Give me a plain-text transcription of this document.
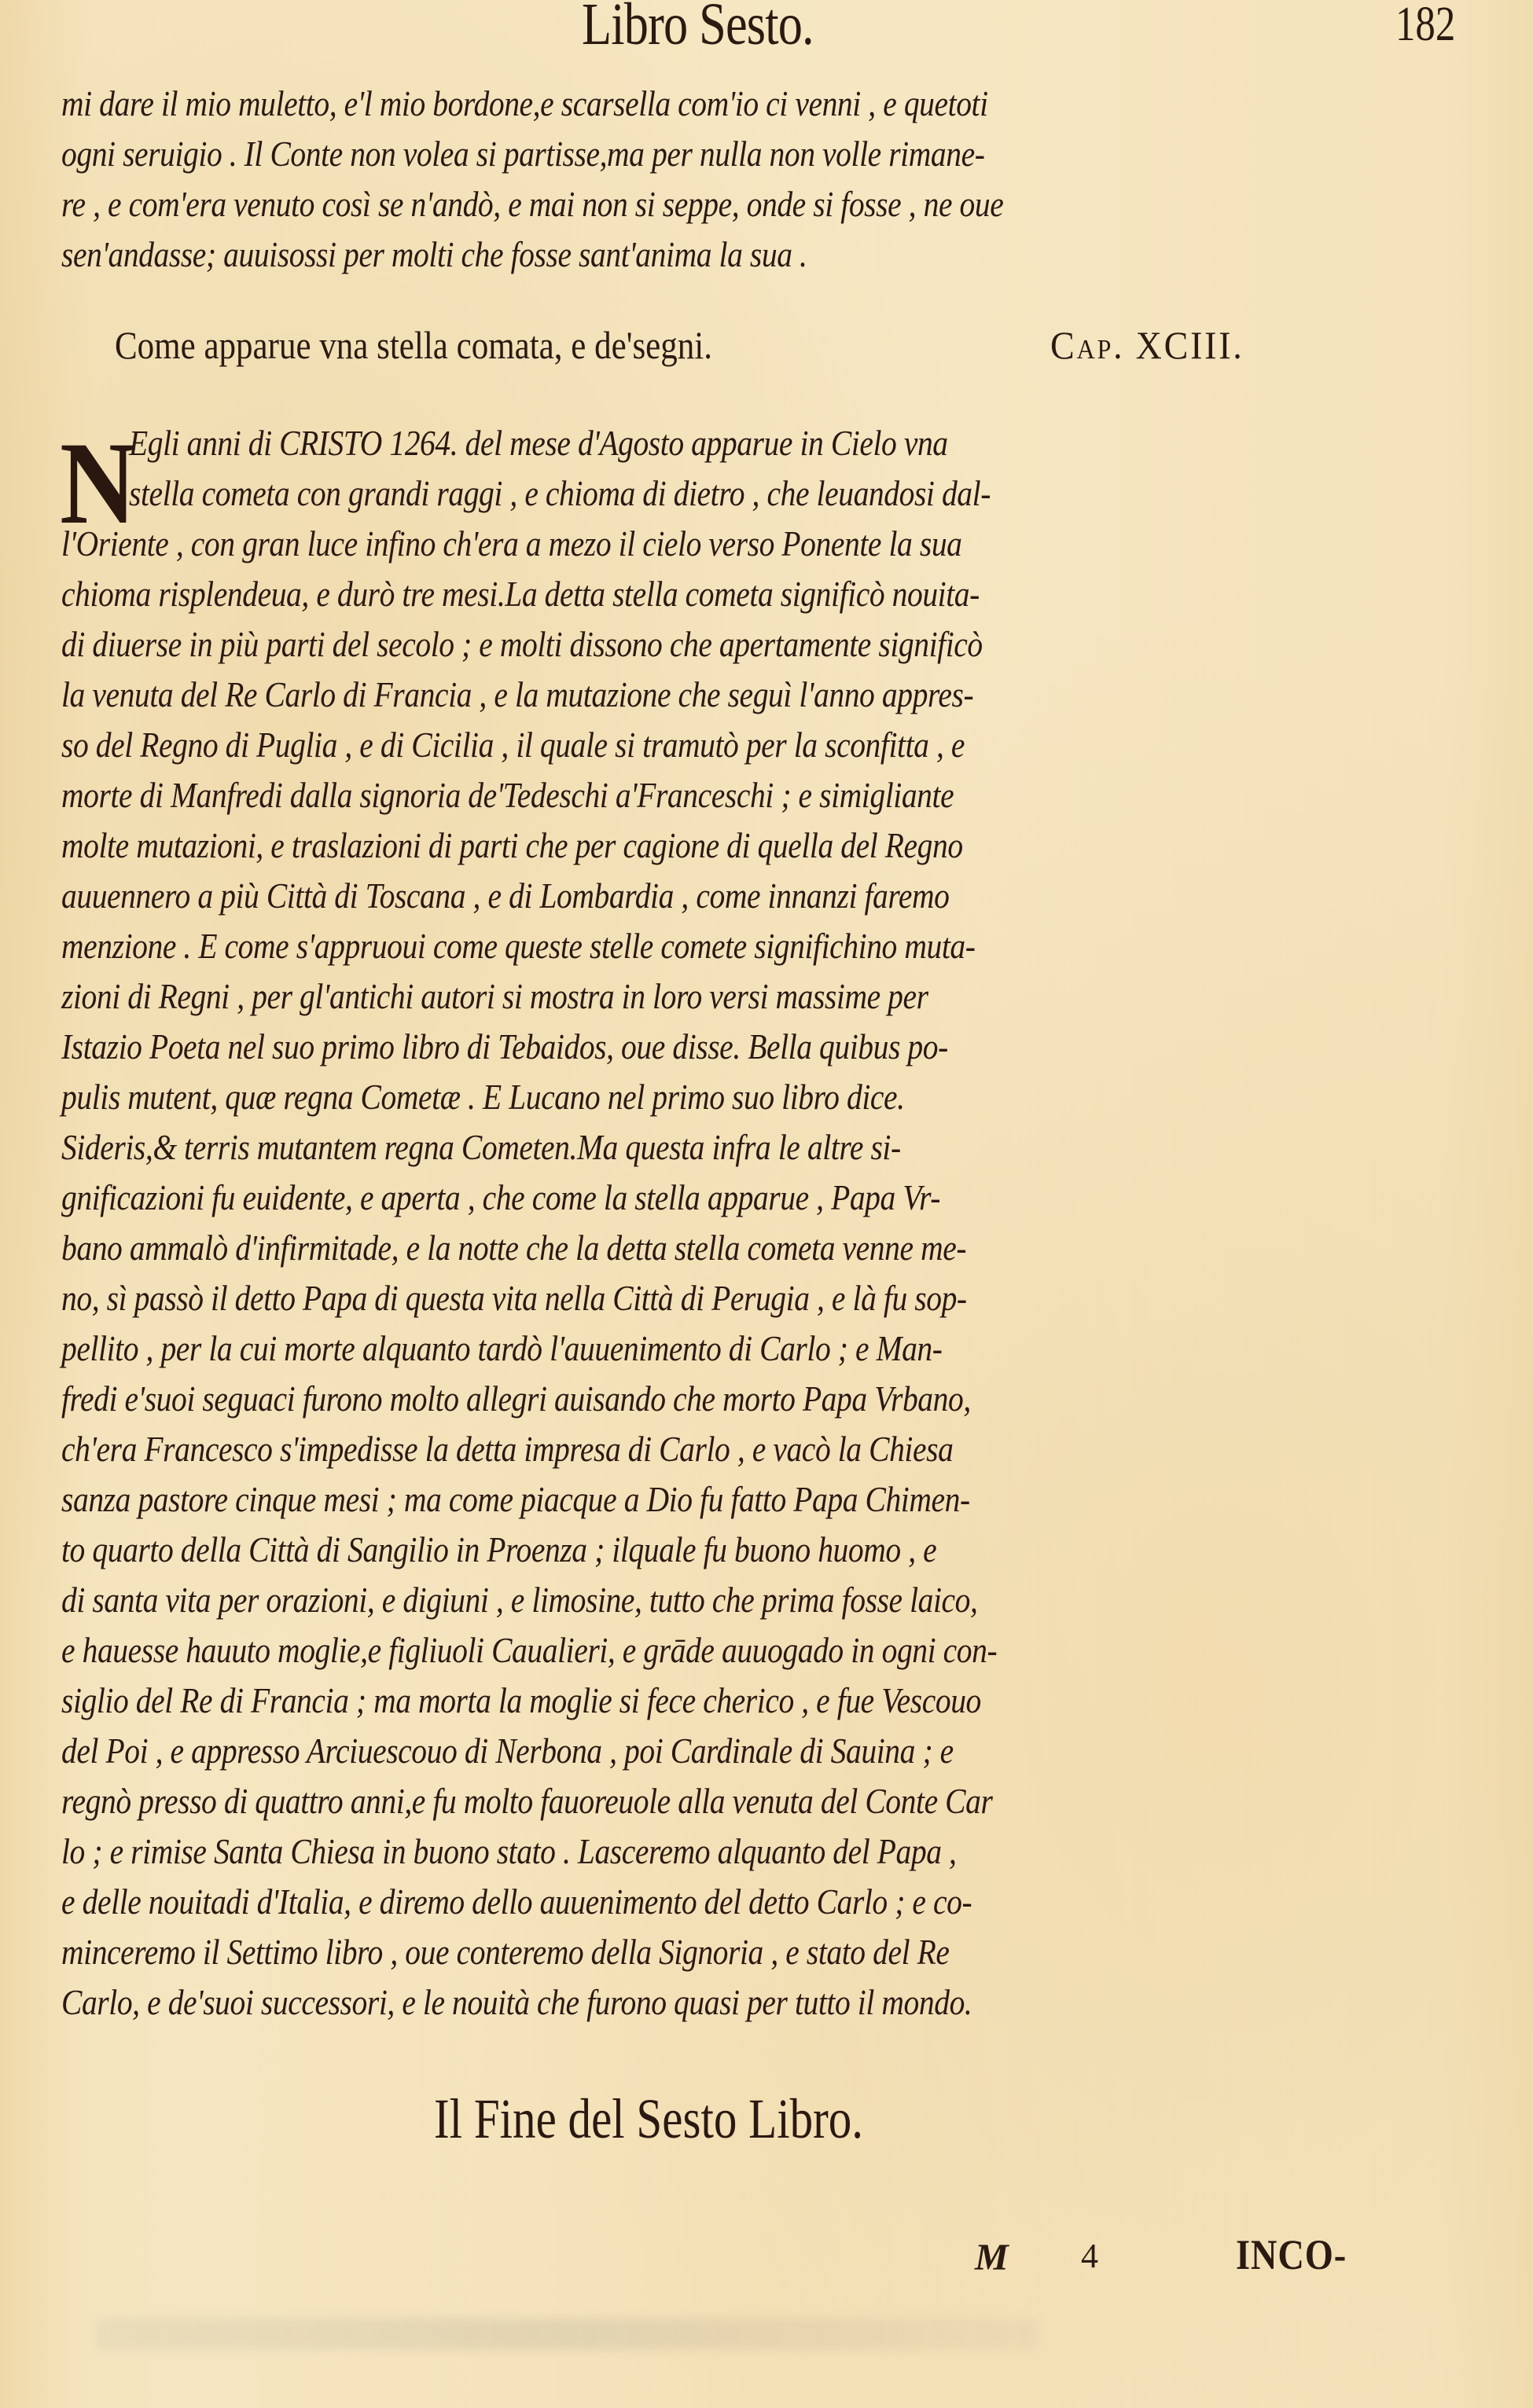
Libro Sesto.	182
mi dare il mio muletto, e'l mio bordone,e scarsella com'io ci venni , e quetoti
ogni seruigio . Il Conte non volea si partisse,ma per nulla non volle rimane-
re , e com'era venuto così se n'andò, e mai non si seppe, onde si fosse , ne oue
sen'andasse; auuisossi per molti che fosse sant'anima la sua .
Come apparue vna stella comata, e de'segni.	Cap. XCIII.
N
Egli anni di CRISTO 1264. del mese d'Agosto apparue in Cielo vna
stella cometa con grandi raggi , e chioma di dietro , che leuandosi dal-
l'Oriente , con gran luce infino ch'era a mezo il cielo verso Ponente la sua
chioma risplendeua, e durò tre mesi.La detta stella cometa significò nouita-
di diuerse in più parti del secolo ; e molti dissono che apertamente significò
la venuta del Re Carlo di Francia , e la mutazione che seguì l'anno appres-
so del Regno di Puglia , e di Cicilia , il quale si tramutò per la sconfitta , e
morte di Manfredi dalla signoria de'Tedeschi a'Franceschi ; e simigliante
molte mutazioni, e traslazioni di parti che per cagione di quella del Regno
auuennero a più Città di Toscana , e di Lombardia , come innanzi faremo
menzione . E come s'appruoui come queste stelle comete significhino muta-
zioni di Regni , per gl'antichi autori si mostra in loro versi massime per
Istazio Poeta nel suo primo libro di Tebaidos, oue disse. Bella quibus po-
pulis mutent, quæ regna Cometæ . E Lucano nel primo suo libro dice.
Sideris,& terris mutantem regna Cometen.Ma questa infra le altre si-
gnificazioni fu euidente, e aperta , che come la stella apparue , Papa Vr-
bano ammalò d'infirmitade, e la notte che la detta stella cometa venne me-
no, sì passò il detto Papa di questa vita nella Città di Perugia , e là fu sop-
pellito , per la cui morte alquanto tardò l'auuenimento di Carlo ; e Man-
fredi e'suoi seguaci furono molto allegri auisando che morto Papa Vrbano,
ch'era Francesco s'impedisse la detta impresa di Carlo , e vacò la Chiesa
sanza pastore cinque mesi ; ma come piacque a Dio fu fatto Papa Chimen-
to quarto della Città di Sangilio in Proenza ; ilquale fu buono huomo , e
di santa vita per orazioni, e digiuni , e limosine, tutto che prima fosse laico,
e hauesse hauuto moglie,e figliuoli Caualieri, e grāde auuogado in ogni con-
siglio del Re di Francia ; ma morta la moglie si fece cherico , e fue Vescouo
del Poi , e appresso Arciuescouo di Nerbona , poi Cardinale di Sauina ; e
regnò presso di quattro anni,e fu molto fauoreuole alla venuta del Conte Car
lo ; e rimise Santa Chiesa in buono stato . Lasceremo alquanto del Papa ,
e delle nouitadi d'Italia, e diremo dello auuenimento del detto Carlo ; e co-
minceremo il Settimo libro , oue conteremo della Signoria , e stato del Re
Carlo, e de'suoi successori, e le nouità che furono quasi per tutto il mondo.
Il Fine del Sesto Libro.
M 4	INCO-
